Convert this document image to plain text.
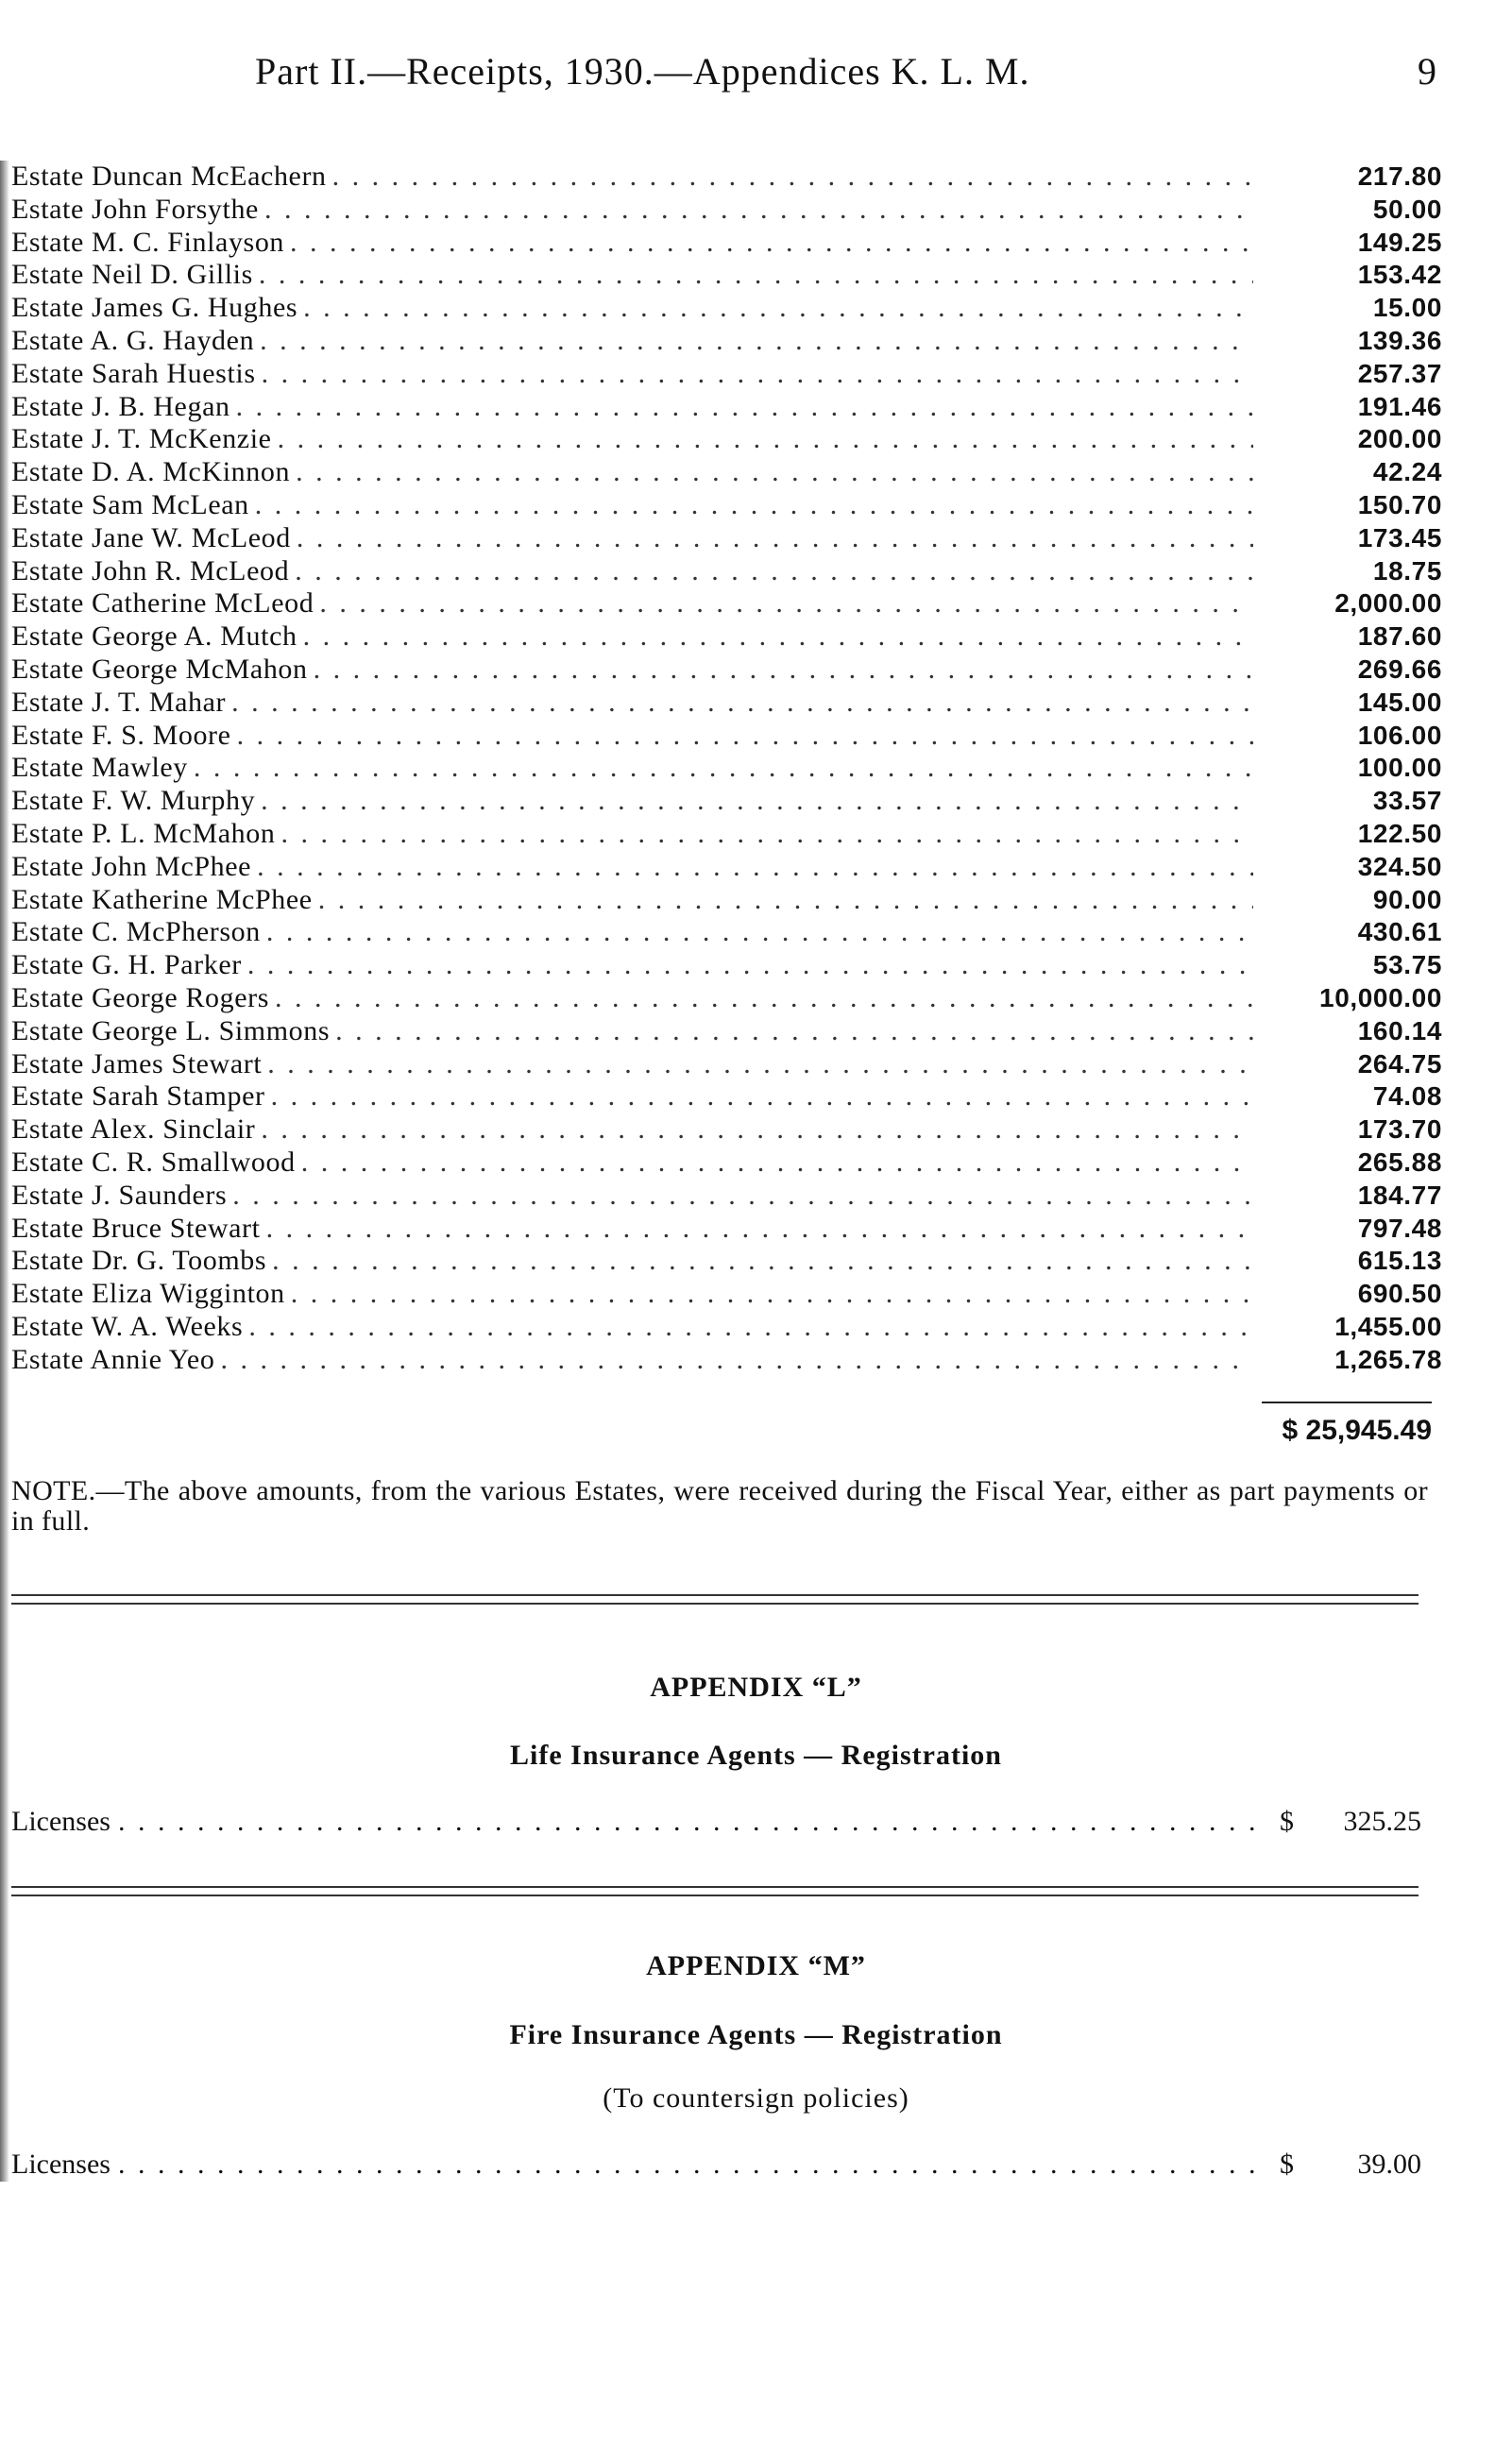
Part II.—Receipts, 1930.—Appendices K. L. M.	9
Estate Duncan McEachern . . .	217.80
Estate John Forsythe . . .	50.00
Estate M. C. Finlayson . . .	149.25
Estate Neil D. Gillis . . .	153.42
Estate James G. Hughes . . .	15.00
Estate A. G. Hayden . . .	139.36
Estate Sarah Huestis . . .	257.37
Estate J. B. Hegan . . .	191.46
Estate J. T. McKenzie . . .	200.00
Estate D. A. McKinnon . . .	42.24
Estate Sam McLean . . .	150.70
Estate Jane W. McLeod . . .	173.45
Estate John R. McLeod . . .	18.75
Estate Catherine McLeod . . .	2,000.00
Estate George A. Mutch . . .	187.60
Estate George McMahon . . .	269.66
Estate J. T. Mahar . . .	145.00
Estate F. S. Moore . . .	106.00
Estate Mawley . . .	100.00
Estate F. W. Murphy . . .	33.57
Estate P. L. McMahon . . .	122.50
Estate John McPhee . . .	324.50
Estate Katherine McPhee . . .	90.00
Estate C. McPherson . . .	430.61
Estate G. H. Parker . . .	53.75
Estate George Rogers . . .	10,000.00
Estate George L. Simmons . . .	160.14
Estate James Stewart . . .	264.75
Estate Sarah Stamper . . .	74.08
Estate Alex. Sinclair . . .	173.70
Estate C. R. Smallwood . . .	265.88
Estate J. Saunders . . .	184.77
Estate Bruce Stewart . . .	797.48
Estate Dr. G. Toombs . . .	615.13
Estate Eliza Wigginton . . .	690.50
Estate W. A. Weeks . . .	1,455.00
Estate Annie Yeo . . .	1,265.78
$ 25,945.49
NOTE.—The above amounts, from the various Estates, were received during the Fiscal Year, either as part payments or in full.
APPENDIX “L”
Life Insurance Agents — Registration
Licenses . . .	$	325.25
APPENDIX “M”
Fire Insurance Agents — Registration
(To countersign policies)
Licenses . . .	$	39.00
